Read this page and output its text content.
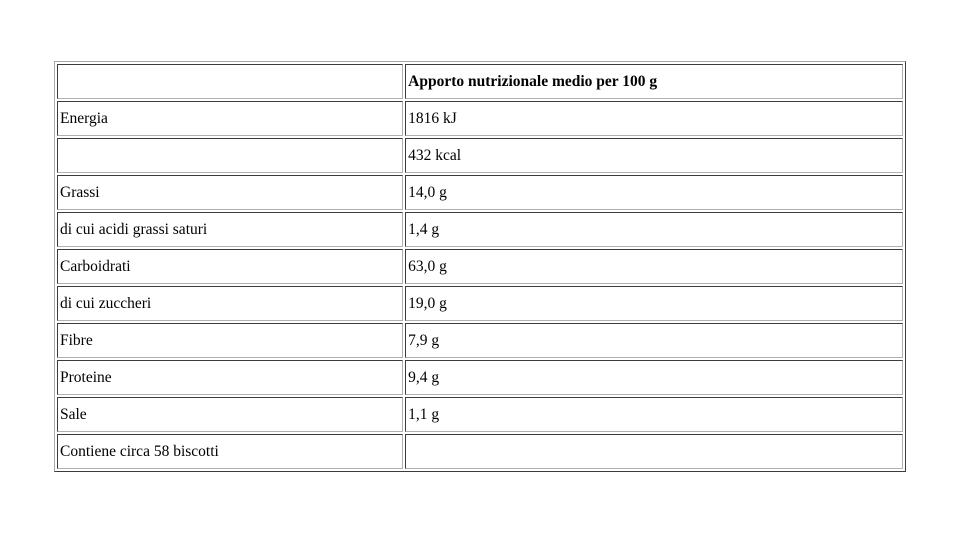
	Apporto nutrizionale medio per 100 g
Energia	1816 kJ
	432 kcal
Grassi	14,0 g
di cui acidi grassi saturi	1,4 g
Carboidrati	63,0 g
di cui zuccheri	19,0 g
Fibre	7,9 g
Proteine	9,4 g
Sale	1,1 g
Contiene circa 58 biscotti	
